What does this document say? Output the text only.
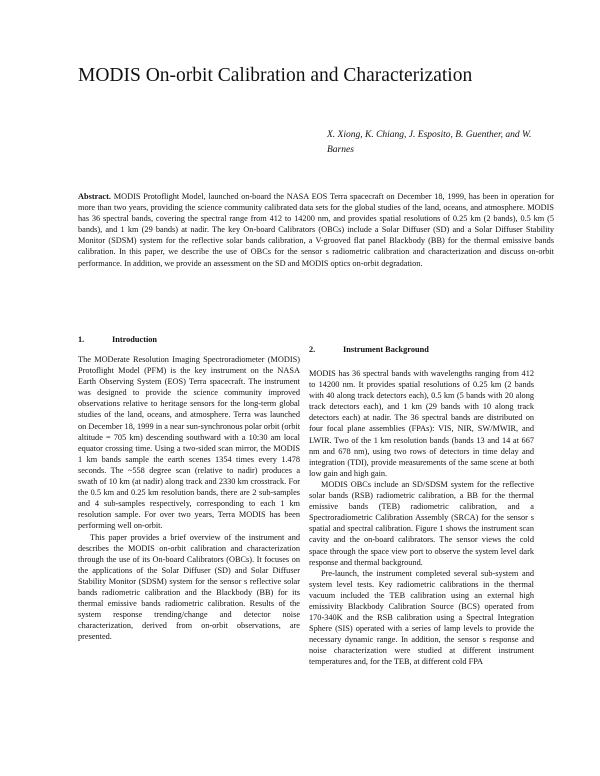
MODIS On-orbit Calibration and Characterization
X. Xiong, K. Chiang, J. Esposito, B. Guenther, and W. Barnes
Abstract. MODIS Protoflight Model, launched on-board the NASA EOS Terra spacecraft on December 18, 1999, has been in operation for more than two years, providing the science community calibrated data sets for the global studies of the land, oceans, and atmosphere. MODIS has 36 spectral bands, covering the spectral range from 412 to 14200 nm, and provides spatial resolutions of 0.25 km (2 bands), 0.5 km (5 bands), and 1 km (29 bands) at nadir. The key On-board Calibrators (OBCs) include a Solar Diffuser (SD) and a Solar Diffuser Stability Monitor (SDSM) system for the reflective solar bands calibration, a V-grooved flat panel Blackbody (BB) for the thermal emissive bands calibration. In this paper, we describe the use of OBCs for the sensor s radiometric calibration and characterization and discuss on-orbit performance. In addition, we provide an assessment on the SD and MODIS optics on-orbit degradation.
1.	Introduction

The MODerate Resolution Imaging Spectroradiometer (MODIS) Protoflight Model (PFM) is the key instrument on the NASA Earth Observing System (EOS) Terra spacecraft. The instrument was designed to provide the science community improved observations relative to heritage sensors for the long-term global studies of the land, oceans, and atmosphere. Terra was launched on December 18, 1999 in a near sun-synchronous polar orbit (orbit altitude = 705 km) descending southward with a 10:30 am local equator crossing time. Using a two-sided scan mirror, the MODIS 1 km bands sample the earth scenes 1354 times every 1.478 seconds. The ~558 degree scan (relative to nadir) produces a swath of 10 km (at nadir) along track and 2330 km crosstrack. For the 0.5 km and 0.25 km resolution bands, there are 2 sub-samples and 4 sub-samples respectively, corresponding to each 1 km resolution sample. For over two years, Terra MODIS has been performing well on-orbit.

This paper provides a brief overview of the instrument and describes the MODIS on-orbit calibration and characterization through the use of its On-board Calibrators (OBCs). It focuses on the applications of the Solar Diffuser (SD) and Solar Diffuser Stability Monitor (SDSM) system for the sensor s reflective solar bands radiometric calibration and the Blackbody (BB) for its thermal emissive bands radiometric calibration. Results of the system response trending/change and detector noise characterization, derived from on-orbit observations, are presented.

2.	Instrument Background

MODIS has 36 spectral bands with wavelengths ranging from 412 to 14200 nm. It provides spatial resolutions of 0.25 km (2 bands with 40 along track detectors each), 0.5 km (5 bands with 20 along track detectors each), and 1 km (29 bands with 10 along track detectors each) at nadir. The 36 spectral bands are distributed on four focal plane assemblies (FPAs): VIS, NIR, SW/MWIR, and LWIR. Two of the 1 km resolution bands (bands 13 and 14 at 667 nm and 678 nm), using two rows of detectors in time delay and integration (TDI), provide measurements of the same scene at both low gain and high gain.

MODIS OBCs include an SD/SDSM system for the reflective solar bands (RSB) radiometric calibration, a BB for the thermal emissive bands (TEB) radiometric calibration, and a Spectroradiometric Calibration Assembly (SRCA) for the sensor s spatial and spectral calibration. Figure 1 shows the instrument scan cavity and the on-board calibrators. The sensor views the cold space through the space view port to observe the system level dark response and thermal background.

Pre-launch, the instrument completed several sub-system and system level tests. Key radiometric calibrations in the thermal vacuum included the TEB calibration using an external high emissivity Blackbody Calibration Source (BCS) operated from 170-340K and the RSB calibration using a Spectral Integration Sphere (SIS) operated with a series of lamp levels to provide the necessary dynamic range. In addition, the sensor s response and noise characterization were studied at different instrument temperatures and, for the TEB, at different cold FPA
